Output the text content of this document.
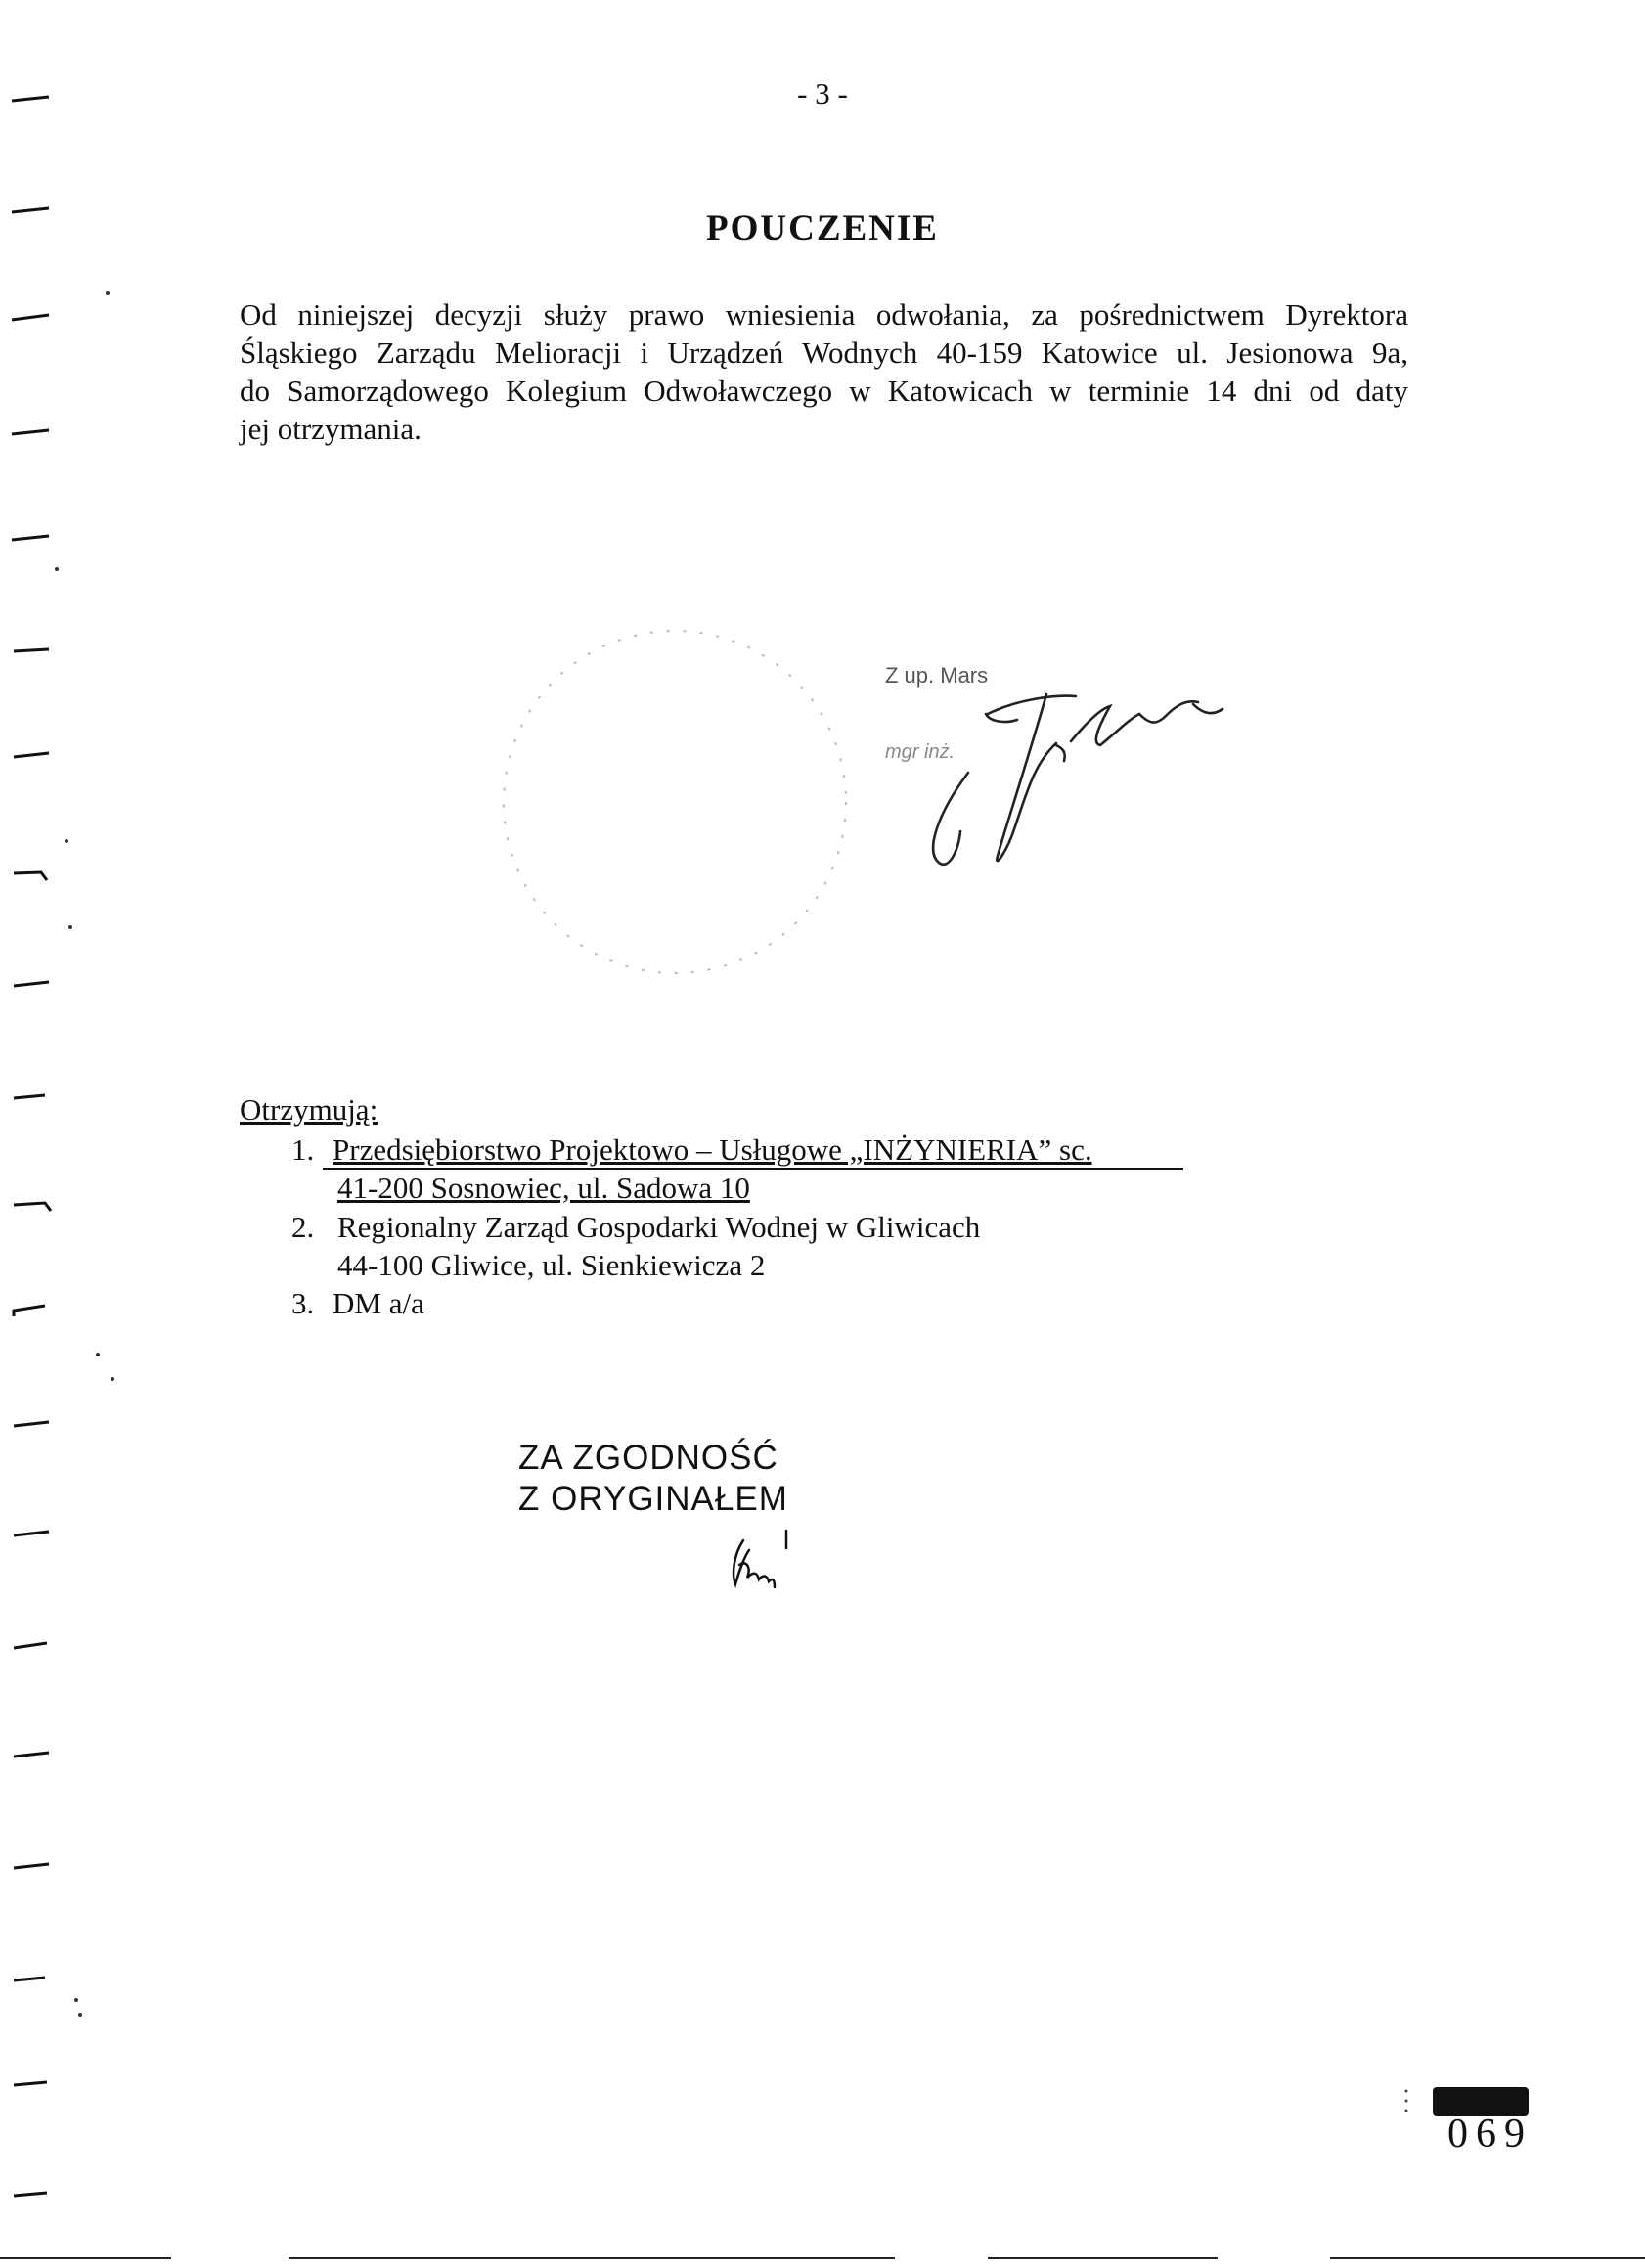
- 3 -
POUCZENIE
Od niniejszej decyzji służy prawo wniesienia odwołania, za pośrednictwem Dyrektora
Śląskiego Zarządu Melioracji i Urządzeń Wodnych 40-159 Katowice ul. Jesionowa 9a,
do Samorządowego Kolegium Odwoławczego w Katowicach w terminie 14 dni od daty
jej otrzymania.
Z up. Mars
mgr inż.
Otrzymują:
1. Przedsiębiorstwo Projektowo – Usługowe „INŻYNIERIA” sc.
41-200 Sosnowiec, ul. Sadowa 10
2. Regionalny Zarząd Gospodarki Wodnej w Gliwicach
44-100 Gliwice, ul. Sienkiewicza 2
3. DM a/a
ZA ZGODNOŚĆ
Z ORYGINAŁEM
069
